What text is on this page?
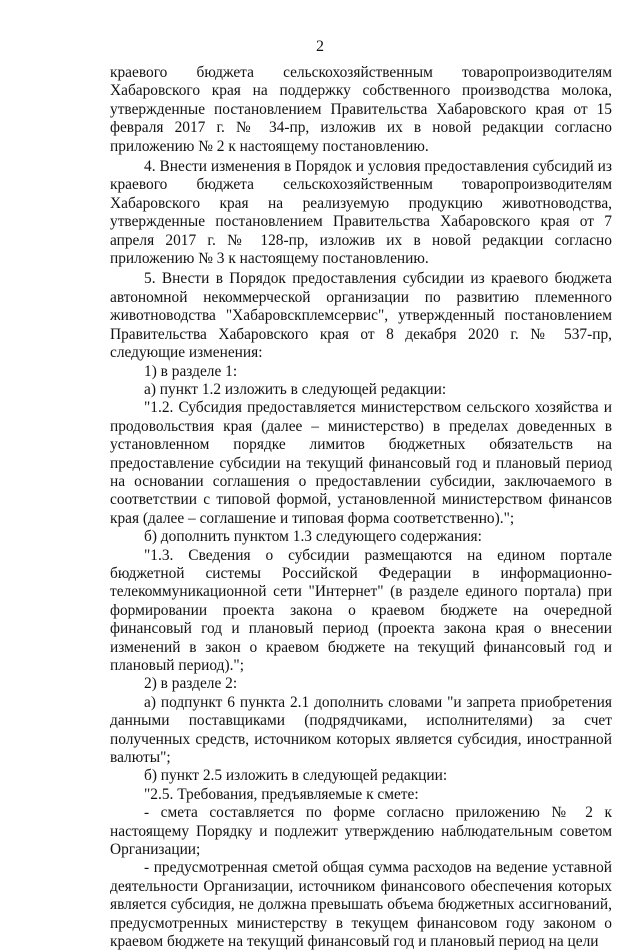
2

краевого бюджета сельскохозяйственным товаропроизводителям Хабаровского края на поддержку собственного производства молока, утвержденные постановлением Правительства Хабаровского края от 15 февраля 2017 г. № 34-пр, изложив их в новой редакции согласно приложению № 2 к настоящему постановлению.

4. Внести изменения в Порядок и условия предоставления субсидий из краевого бюджета сельскохозяйственным товаропроизводителям Хабаровского края на реализуемую продукцию животноводства, утвержденные постановлением Правительства Хабаровского края от 7 апреля 2017 г. № 128-пр, изложив их в новой редакции согласно приложению № 3 к настоящему постановлению.

5. Внести в Порядок предоставления субсидии из краевого бюджета автономной некоммерческой организации по развитию племенного животноводства "Хабаровскплемсервис", утвержденный постановлением Правительства Хабаровского края от 8 декабря 2020 г. № 537-пр, следующие изменения:

1) в разделе 1:

а) пункт 1.2 изложить в следующей редакции:

"1.2. Субсидия предоставляется министерством сельского хозяйства и продовольствия края (далее – министерство) в пределах доведенных в установленном порядке лимитов бюджетных обязательств на предоставление субсидии на текущий финансовый год и плановый период на основании соглашения о предоставлении субсидии, заключаемого в соответствии с типовой формой, установленной министерством финансов края (далее – соглашение и типовая форма соответственно).";

б) дополнить пунктом 1.3 следующего содержания:

"1.3. Сведения о субсидии размещаются на едином портале бюджетной системы Российской Федерации в информационно-телекоммуникационной сети "Интернет" (в разделе единого портала) при формировании проекта закона о краевом бюджете на очередной финансовый год и плановый период (проекта закона края о внесении изменений в закон о краевом бюджете на текущий финансовый год и плановый период).";

2) в разделе 2:

а) подпункт 6 пункта 2.1 дополнить словами "и запрета приобретения данными поставщиками (подрядчиками, исполнителями) за счет полученных средств, источником которых является субсидия, иностранной валюты";

б) пункт 2.5 изложить в следующей редакции:

"2.5. Требования, предъявляемые к смете:

- смета составляется по форме согласно приложению № 2 к настоящему Порядку и подлежит утверждению наблюдательным советом Организации;

- предусмотренная сметой общая сумма расходов на ведение уставной деятельности Организации, источником финансового обеспечения которых является субсидия, не должна превышать объема бюджетных ассигнований, предусмотренных министерству в текущем финансовом году законом о краевом бюджете на текущий финансовый год и плановый период на цели
